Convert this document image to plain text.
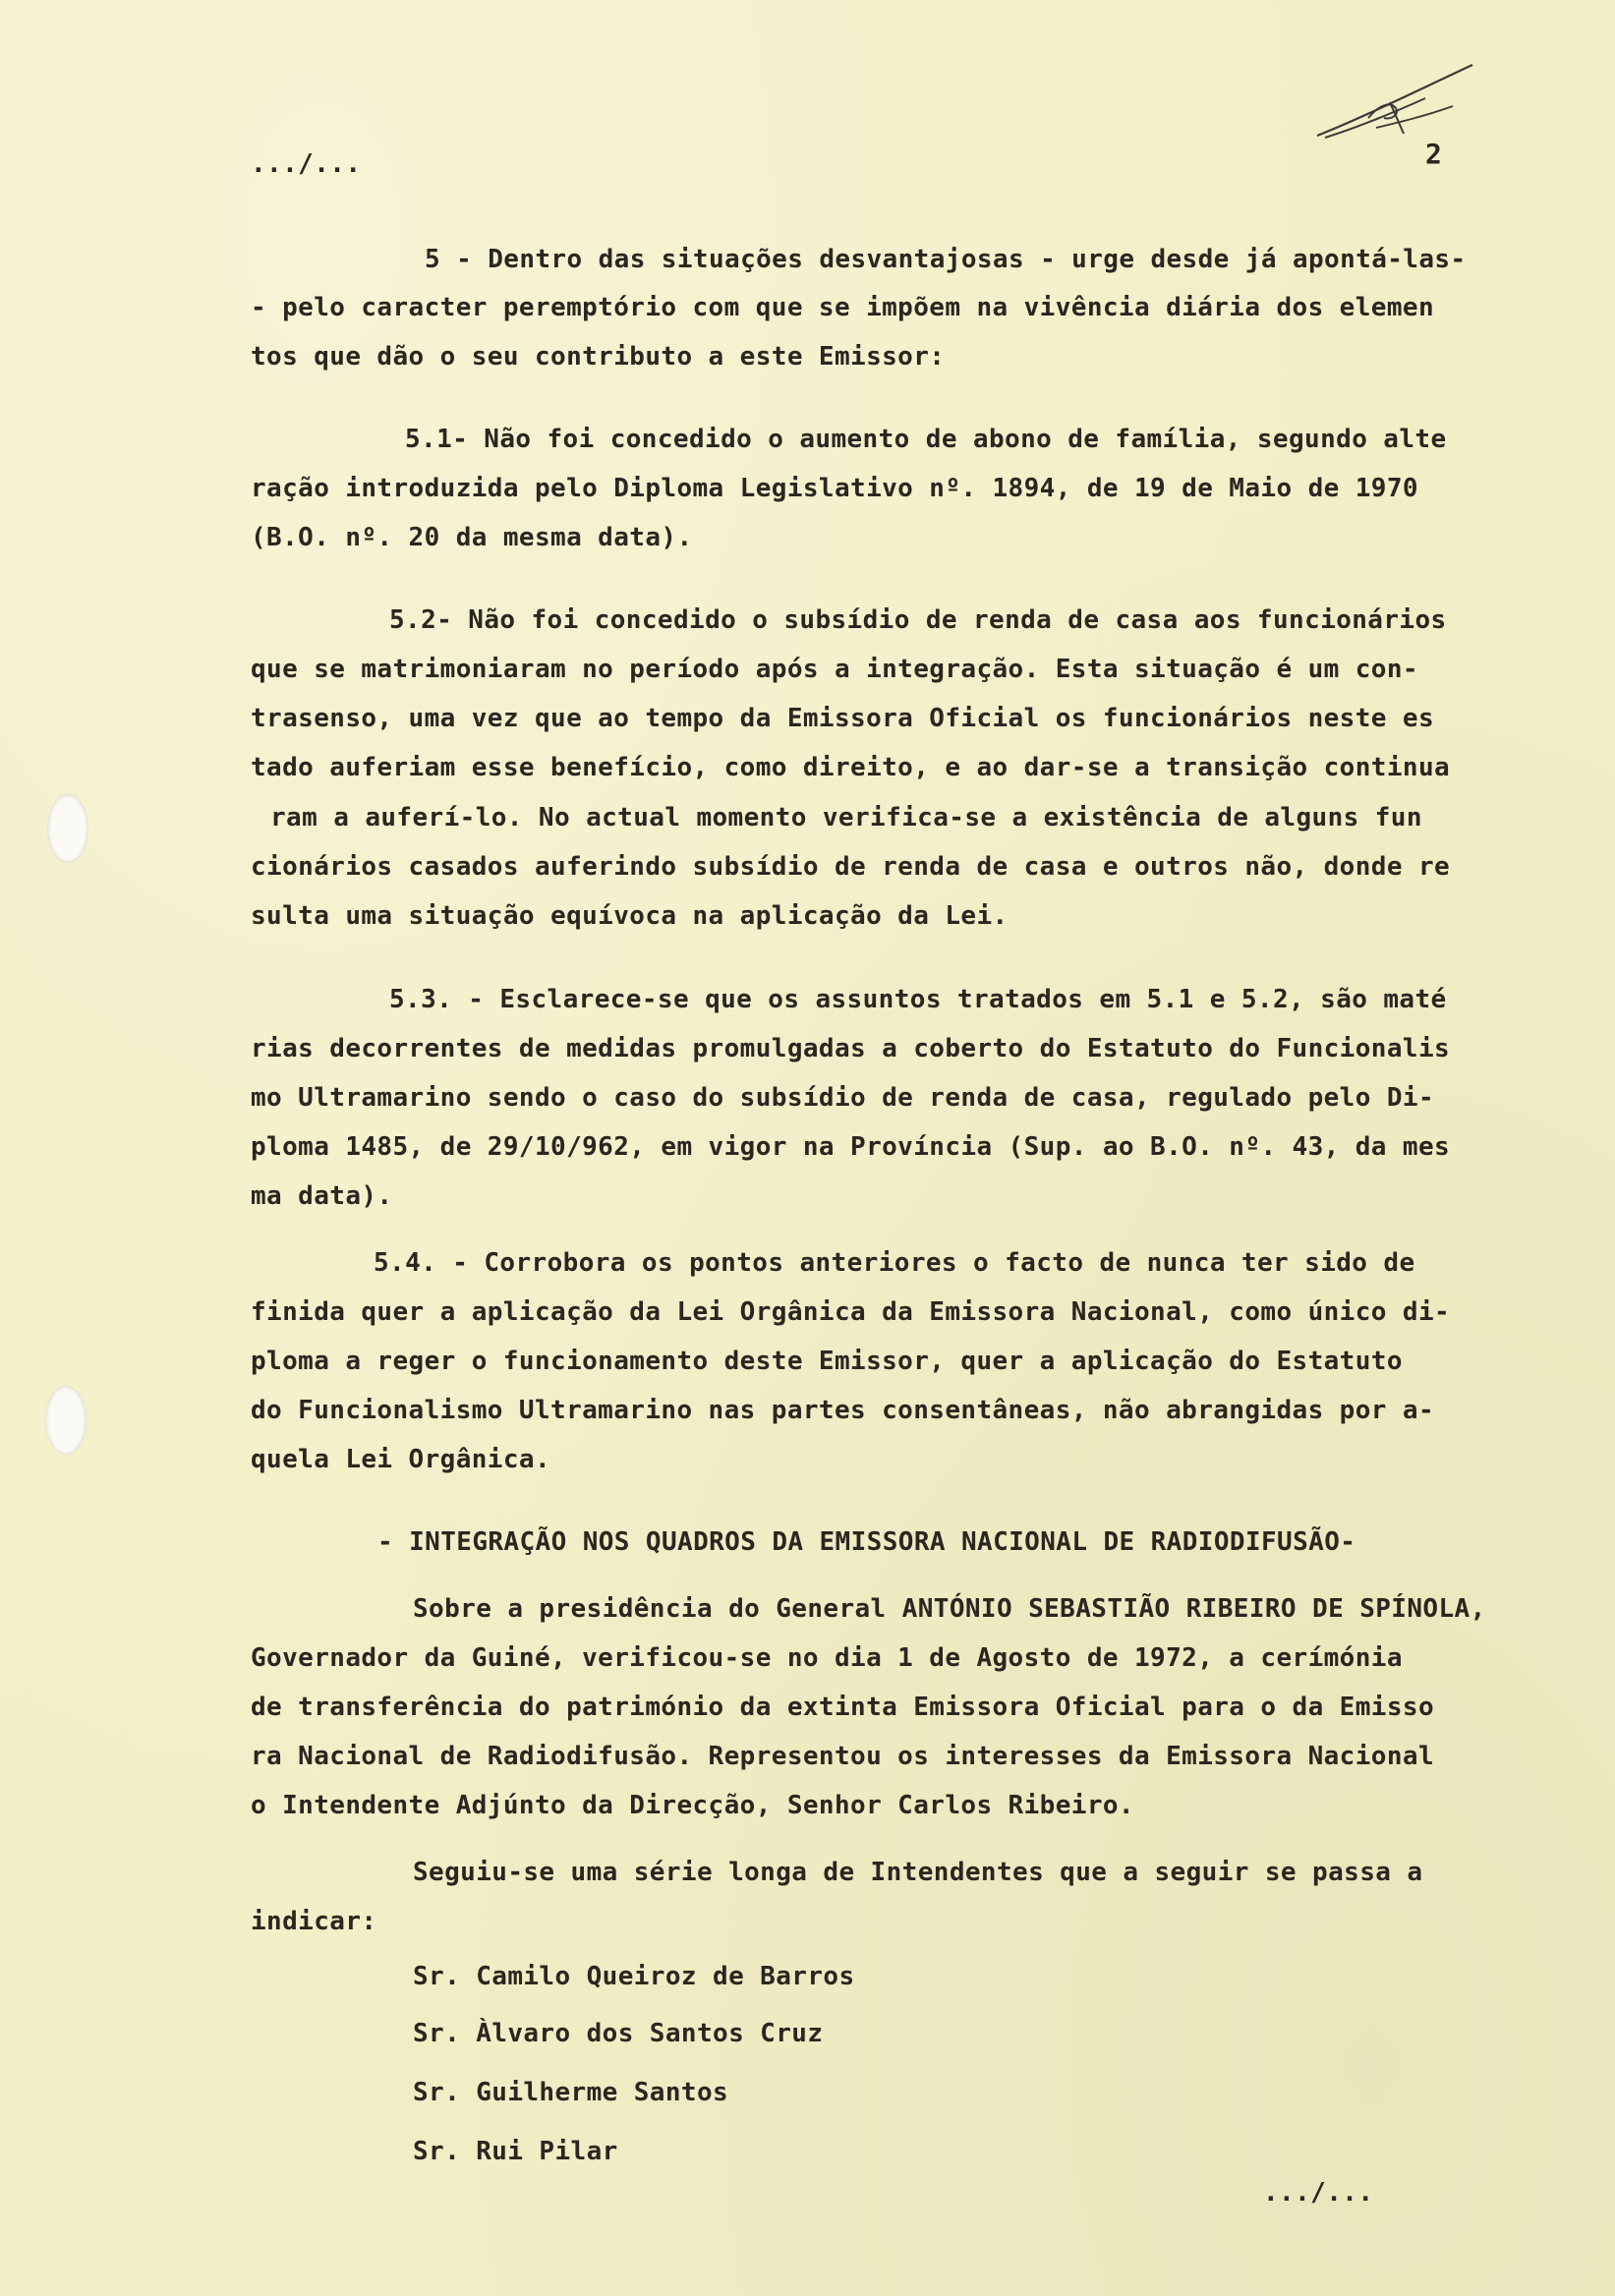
.../...	2
5 - Dentro das situações desvantajosas - urge desde já apontá-las-
- pelo caracter peremptório com que se impõem na vivência diária dos elemen
tos que dão o seu contributo a este Emissor:
5.1- Não foi concedido o aumento de abono de família, segundo alte
ração introduzida pelo Diploma Legislativo nº. 1894, de 19 de Maio de 1970
(B.O. nº. 20 da mesma data).
5.2- Não foi concedido o subsídio de renda de casa aos funcionários
que se matrimoniaram no período após a integração. Esta situação é um con-
trasenso, uma vez que ao tempo da Emissora Oficial os funcionários neste es
tado auferiam esse benefício, como direito, e ao dar-se a transição continua
ram a auferí-lo. No actual momento verifica-se a existência de alguns fun
cionários casados auferindo subsídio de renda de casa e outros não, donde re
sulta uma situação equívoca na aplicação da Lei.
5.3. - Esclarece-se que os assuntos tratados em 5.1 e 5.2, são maté
rias decorrentes de medidas promulgadas a coberto do Estatuto do Funcionalis
mo Ultramarino sendo o caso do subsídio de renda de casa, regulado pelo Di-
ploma 1485, de 29/10/962, em vigor na Província (Sup. ao B.O. nº. 43, da mes
ma data).
5.4. - Corrobora os pontos anteriores o facto de nunca ter sido de
finida quer a aplicação da Lei Orgânica da Emissora Nacional, como único di-
ploma a reger o funcionamento deste Emissor, quer a aplicação do Estatuto
do Funcionalismo Ultramarino nas partes consentâneas, não abrangidas por a-
quela Lei Orgânica.
- INTEGRAÇÃO NOS QUADROS DA EMISSORA NACIONAL DE RADIODIFUSÃO-
Sobre a presidência do General ANTÓNIO SEBASTIÃO RIBEIRO DE SPÍNOLA,
Governador da Guiné, verificou-se no dia 1 de Agosto de 1972, a cerímónia
de transferência do património da extinta Emissora Oficial para o da Emisso
ra Nacional de Radiodifusão. Representou os interesses da Emissora Nacional
o Intendente Adjúnto da Direcção, Senhor Carlos Ribeiro.
Seguiu-se uma série longa de Intendentes que a seguir se passa a
indicar:
Sr. Camilo Queiroz de Barros
Sr. Àlvaro dos Santos Cruz
Sr. Guilherme Santos
Sr. Rui Pilar
.../...
